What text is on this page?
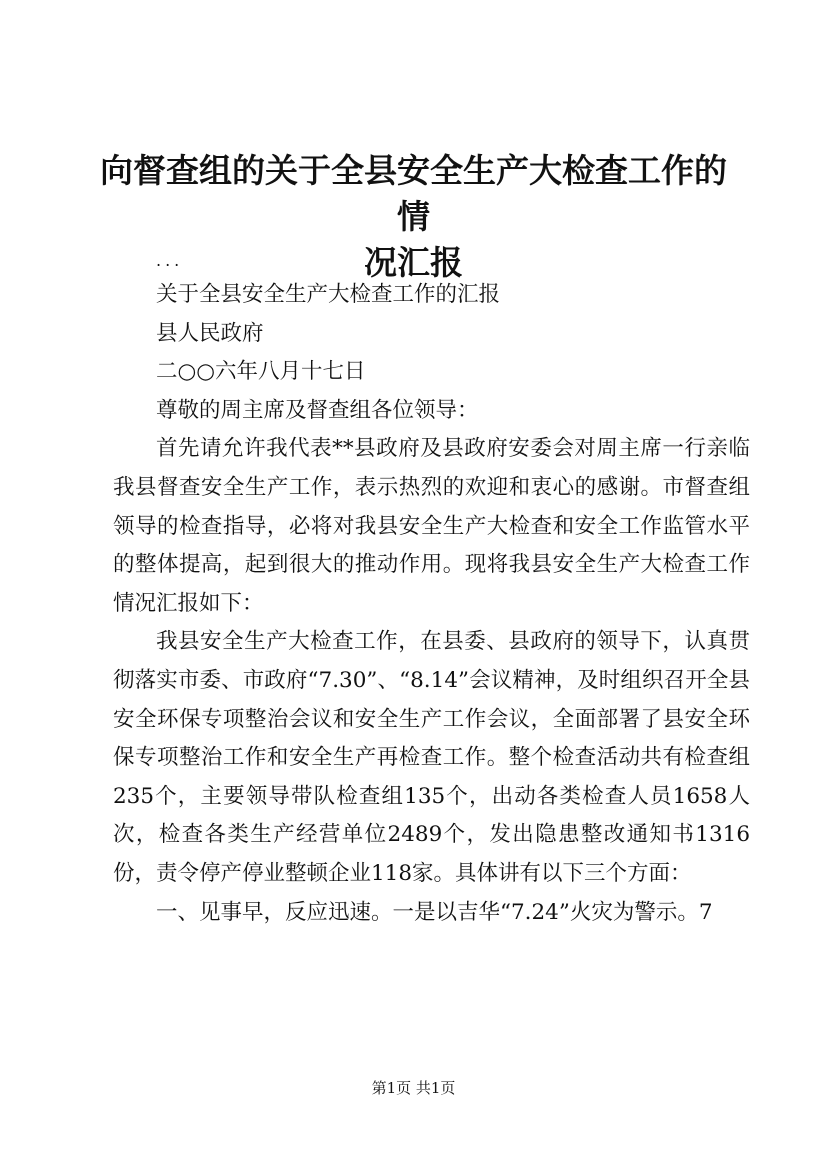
向督查组的关于全县安全生产大检查工作的情
况汇报
...
关于全县安全生产大检查工作的汇报
县人民政府
二○○六年八月十七日
尊敬的周主席及督查组各位领导：
首先请允许我代表**县政府及县政府安委会对周主席一行亲临我县督查安全生产工作，表示热烈的欢迎和衷心的感谢。市督查组领导的检查指导，必将对我县安全生产大检查和安全工作监管水平的整体提高，起到很大的推动作用。现将我县安全生产大检查工作情况汇报如下：
我县安全生产大检查工作，在县委、县政府的领导下，认真贯彻落实市委、市政府“7.30”、“8.14”会议精神，及时组织召开全县安全环保专项整治会议和安全生产工作会议，全面部署了县安全环保专项整治工作和安全生产再检查工作。整个检查活动共有检查组235个，主要领导带队检查组135个，出动各类检查人员1658人次，检查各类生产经营单位2489个，发出隐患整改通知书1316份，责令停产停业整顿企业118家。具体讲有以下三个方面：
一、见事早，反应迅速。一是以吉华“7.24”火灾为警示。7
第1页 共1页
